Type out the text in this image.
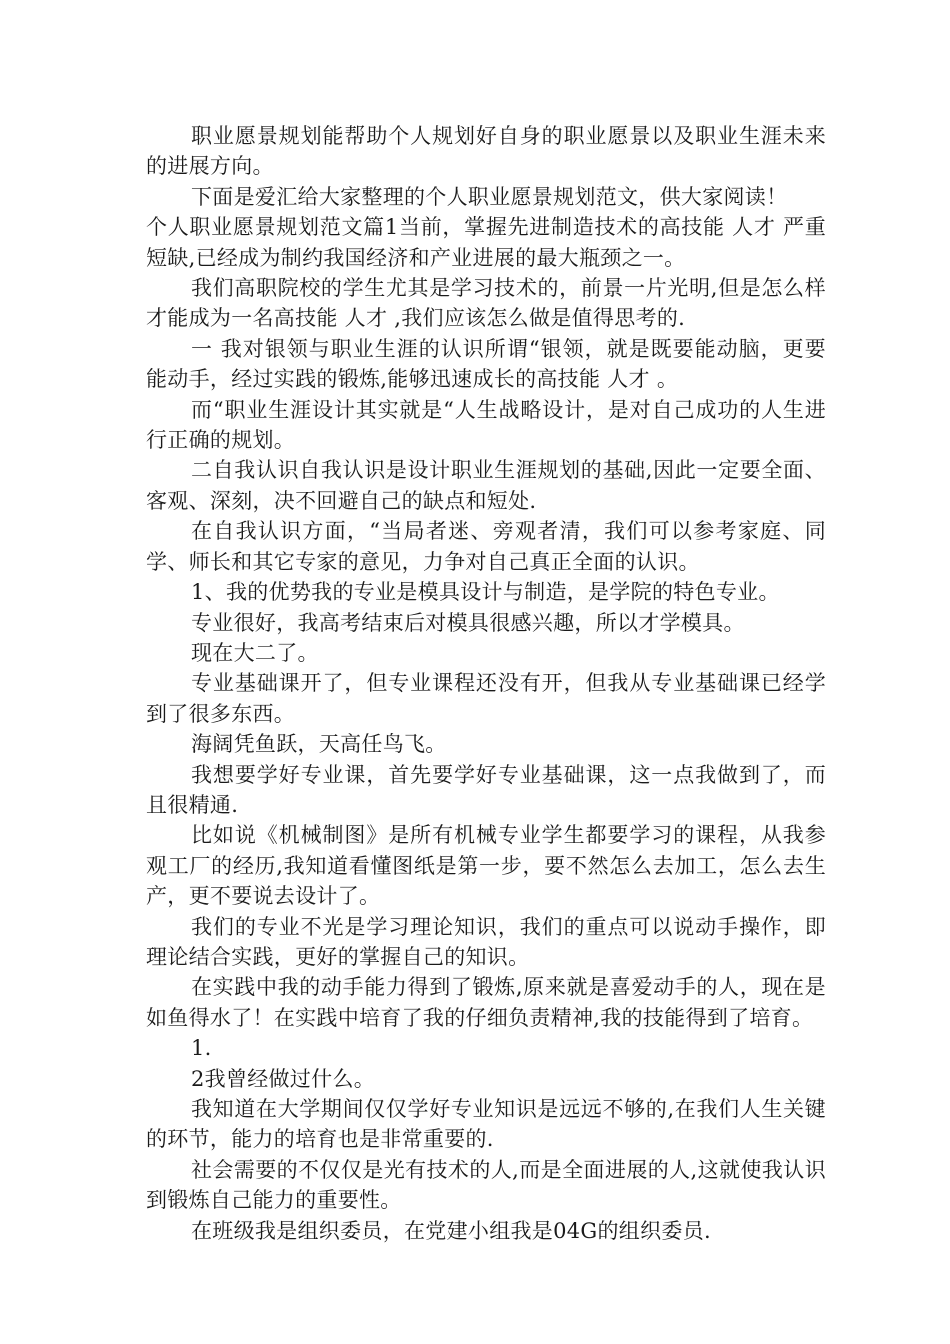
职业愿景规划能帮助个人规划好自身的职业愿景以及职业生涯未来的进展方向。

下面是爱汇给大家整理的个人职业愿景规划范文，供大家阅读！

个人职业愿景规划范文篇1当前，掌握先进制造技术的高技能 人才 严重短缺,已经成为制约我国经济和产业进展的最大瓶颈之一。

我们高职院校的学生尤其是学习技术的，前景一片光明,但是怎么样才能成为一名高技能 人才 ,我们应该怎么做是值得思考的.

一 我对银领与职业生涯的认识所谓“银领，就是既要能动脑，更要能动手，经过实践的锻炼,能够迅速成长的高技能 人才 。

而“职业生涯设计其实就是“人生战略设计，是对自己成功的人生进行正确的规划。

二自我认识自我认识是设计职业生涯规划的基础,因此一定要全面、客观、深刻，决不回避自己的缺点和短处.

在自我认识方面，“当局者迷、旁观者清，我们可以参考家庭、同学、师长和其它专家的意见，力争对自己真正全面的认识。

1、我的优势我的专业是模具设计与制造，是学院的特色专业。

专业很好，我高考结束后对模具很感兴趣，所以才学模具。

现在大二了。

专业基础课开了，但专业课程还没有开，但我从专业基础课已经学到了很多东西。

海阔凭鱼跃，天高任鸟飞。

我想要学好专业课，首先要学好专业基础课，这一点我做到了，而且很精通.

比如说《机械制图》是所有机械专业学生都要学习的课程，从我参观工厂的经历,我知道看懂图纸是第一步，要不然怎么去加工，怎么去生产，更不要说去设计了。

我们的专业不光是学习理论知识，我们的重点可以说动手操作，即理论结合实践，更好的掌握自己的知识。

在实践中我的动手能力得到了锻炼,原来就是喜爱动手的人，现在是如鱼得水了！在实践中培育了我的仔细负责精神,我的技能得到了培育。

1.

2我曾经做过什么。

我知道在大学期间仅仅学好专业知识是远远不够的,在我们人生关键的环节，能力的培育也是非常重要的.

社会需要的不仅仅是光有技术的人,而是全面进展的人,这就使我认识到锻炼自己能力的重要性。

在班级我是组织委员，在党建小组我是04G的组织委员.
